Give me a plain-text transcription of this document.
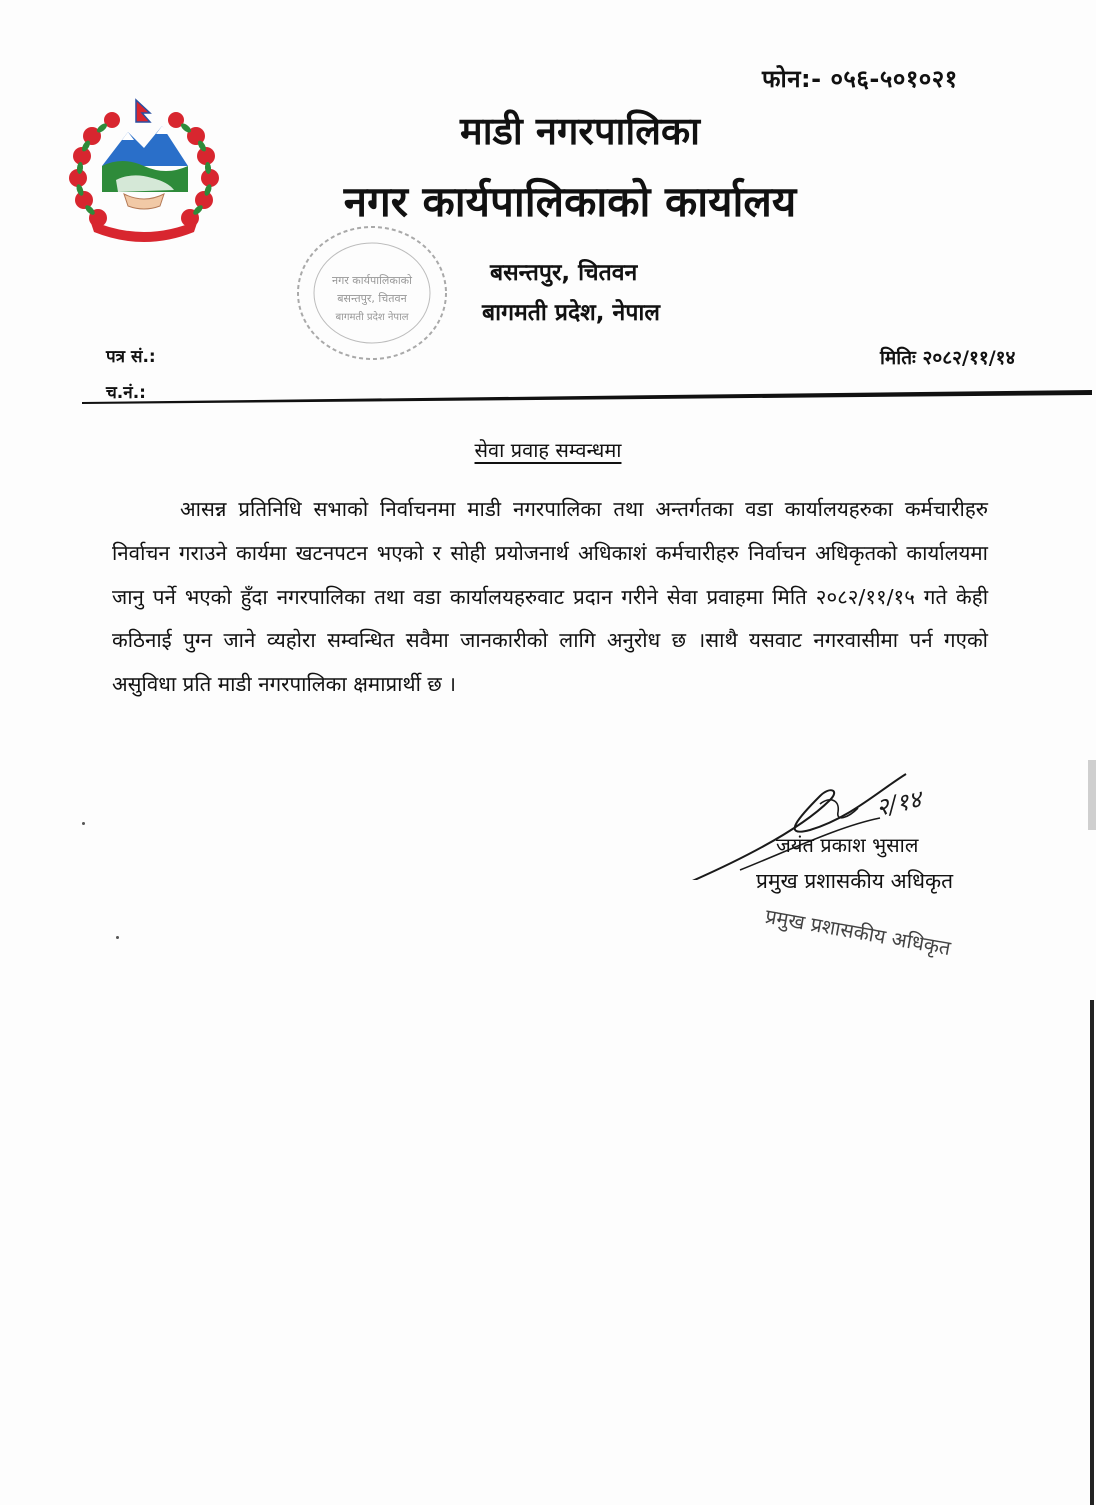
फोन:- ०५६-५०१०२१
माडी नगरपालिका
नगर कार्यपालिकाको कार्यालय
नगर कार्यपालिकाको
बसन्तपुर, चितवन
बागमती प्रदेश नेपाल
बसन्तपुर, चितवन
बागमती प्रदेश, नेपाल
पत्र सं.:
च.नं.:
मितिः २०८२/११/१४
सेवा प्रवाह सम्वन्धमा
आसन्न प्रतिनिधि सभाको निर्वाचनमा माडी नगरपालिका तथा अन्तर्गतका वडा कार्यालयहरुका कर्मचारीहरु निर्वाचन गराउने कार्यमा खटनपटन भएको र सोही प्रयोजनार्थ अधिकाशं कर्मचारीहरु निर्वाचन अधिकृतको कार्यालयमा जानु पर्ने भएको हुँदा नगरपालिका तथा वडा कार्यालयहरुवाट प्रदान गरीने सेवा प्रवाहमा मिति २०८२/११/१५ गते केही कठिनाई पुग्न जाने व्यहोरा सम्वन्धित सवैमा जानकारीको लागि अनुरोध छ ।साथै यसवाट नगरवासीमा पर्न गएको असुविधा प्रति माडी नगरपालिका क्षमाप्रार्थी छ ।
२/१४
जयंत प्रकाश भुसाल
प्रमुख प्रशासकीय अधिकृत
प्रमुख प्रशासकीय अधिकृत
